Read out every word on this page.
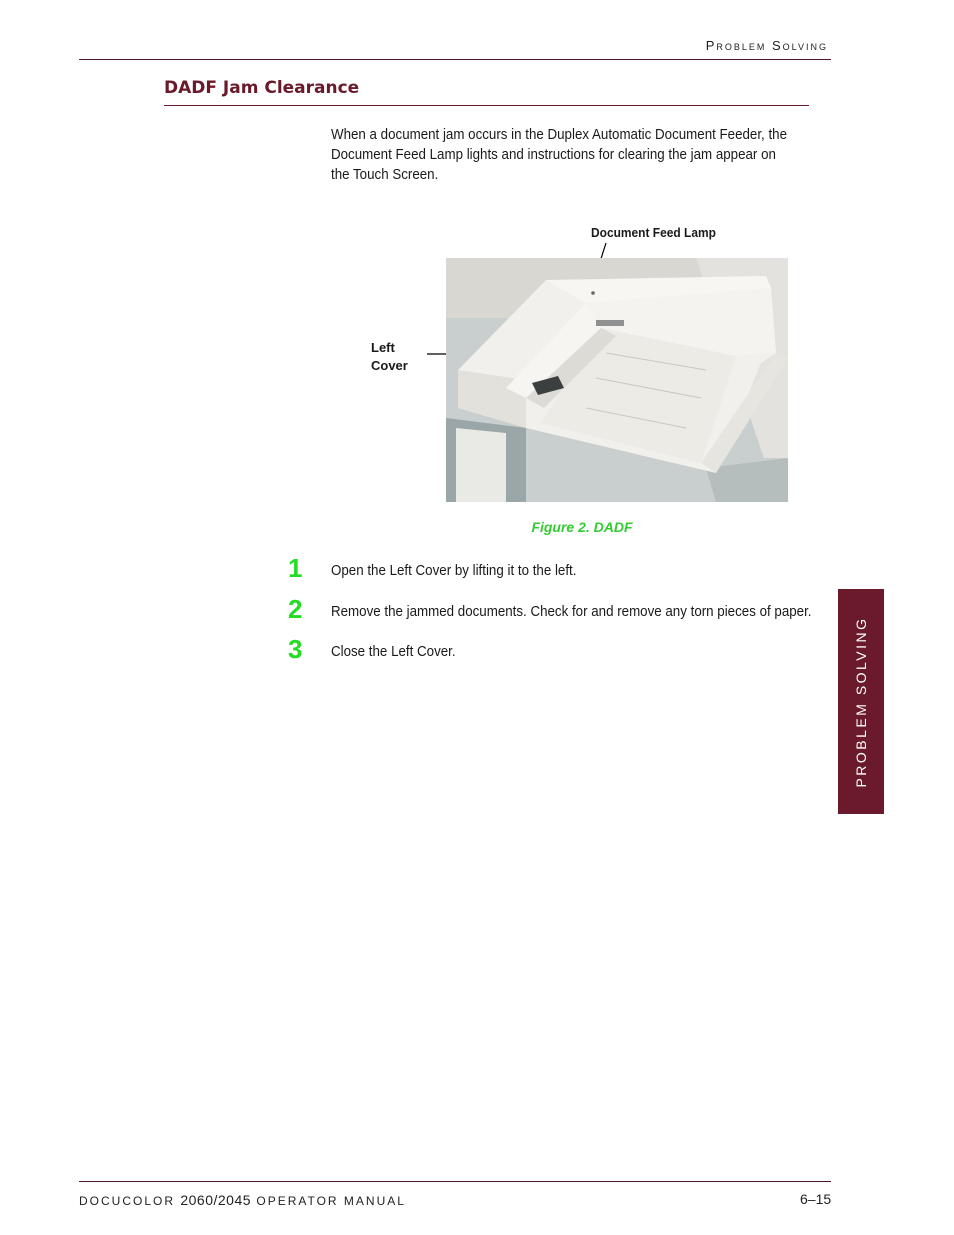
Problem Solving
DADF Jam Clearance
When a document jam occurs in the Duplex Automatic Document Feeder, the Document Feed Lamp lights and instructions for clearing the jam appear on the Touch Screen.
Document Feed Lamp
Left
Cover
Figure 2. DADF
1 Open the Left Cover by lifting it to the left.
2 Remove the jammed documents. Check for and remove any torn pieces of paper.
3 Close the Left Cover.	PROBLEM SOLVING
DOCUCOLOR 2060/2045 OPERATOR MANUAL	6–15
